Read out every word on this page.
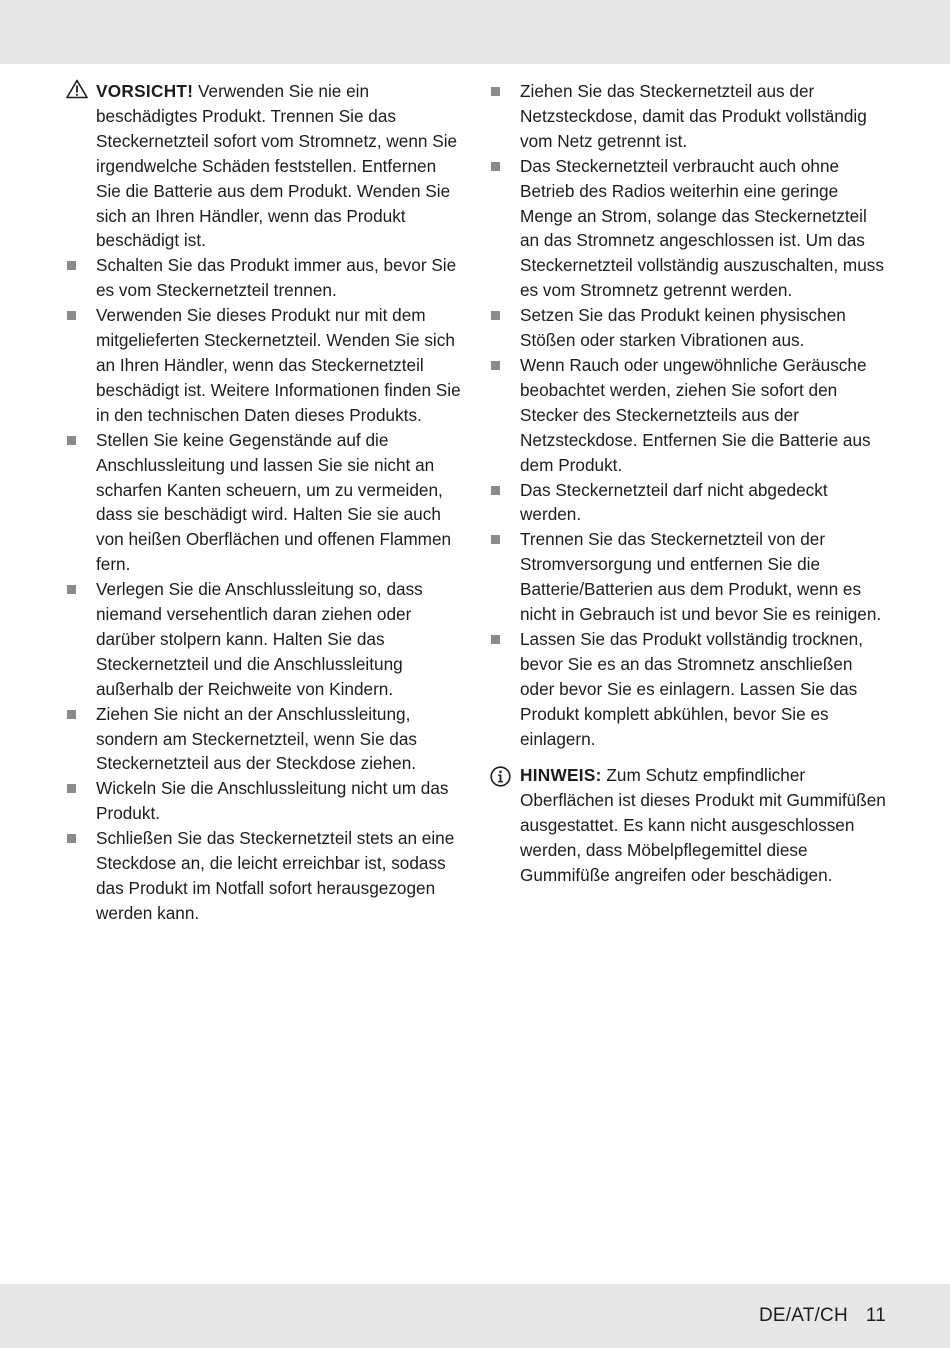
VORSICHT! Verwenden Sie nie ein beschädigtes Produkt. Trennen Sie das Steckernetzteil sofort vom Stromnetz, wenn Sie irgendwelche Schäden feststellen. Entfernen Sie die Batterie aus dem Produkt. Wenden Sie sich an Ihren Händler, wenn das Produkt beschädigt ist.
Schalten Sie das Produkt immer aus, bevor Sie es vom Steckernetzteil trennen.
Verwenden Sie dieses Produkt nur mit dem mitgelieferten Steckernetzteil. Wenden Sie sich an Ihren Händler, wenn das Steckernetzteil beschädigt ist. Weitere Informationen finden Sie in den technischen Daten dieses Produkts.
Stellen Sie keine Gegenstände auf die Anschlussleitung und lassen Sie sie nicht an scharfen Kanten scheuern, um zu vermeiden, dass sie beschädigt wird. Halten Sie sie auch von heißen Oberflächen und offenen Flammen fern.
Verlegen Sie die Anschlussleitung so, dass niemand versehentlich daran ziehen oder darüber stolpern kann. Halten Sie das Steckernetzteil und die Anschlussleitung außerhalb der Reichweite von Kindern.
Ziehen Sie nicht an der Anschlussleitung, sondern am Steckernetzteil, wenn Sie das Steckernetzteil aus der Steckdose ziehen.
Wickeln Sie die Anschlussleitung nicht um das Produkt.
Schließen Sie das Steckernetzteil stets an eine Steckdose an, die leicht erreichbar ist, sodass das Produkt im Notfall sofort herausgezogen werden kann.
Ziehen Sie das Steckernetzteil aus der Netzsteckdose, damit das Produkt vollständig vom Netz getrennt ist.
Das Steckernetzteil verbraucht auch ohne Betrieb des Radios weiterhin eine geringe Menge an Strom, solange das Steckernetzteil an das Stromnetz angeschlossen ist. Um das Steckernetzteil vollständig auszuschalten, muss es vom Stromnetz getrennt werden.
Setzen Sie das Produkt keinen physischen Stößen oder starken Vibrationen aus.
Wenn Rauch oder ungewöhnliche Geräusche beobachtet werden, ziehen Sie sofort den Stecker des Steckernetzteils aus der Netzsteckdose. Entfernen Sie die Batterie aus dem Produkt.
Das Steckernetzteil darf nicht abgedeckt werden.
Trennen Sie das Steckernetzteil von der Stromversorgung und entfernen Sie die Batterie/Batterien aus dem Produkt, wenn es nicht in Gebrauch ist und bevor Sie es reinigen.
Lassen Sie das Produkt vollständig trocknen, bevor Sie es an das Stromnetz anschließen oder bevor Sie es einlagern. Lassen Sie das Produkt komplett abkühlen, bevor Sie es einlagern.
HINWEIS: Zum Schutz empfindlicher Oberflächen ist dieses Produkt mit Gummifüßen ausgestattet. Es kann nicht ausgeschlossen werden, dass Möbelpflegemittel diese Gummifüße angreifen oder beschädigen.
DE/AT/CH 11
